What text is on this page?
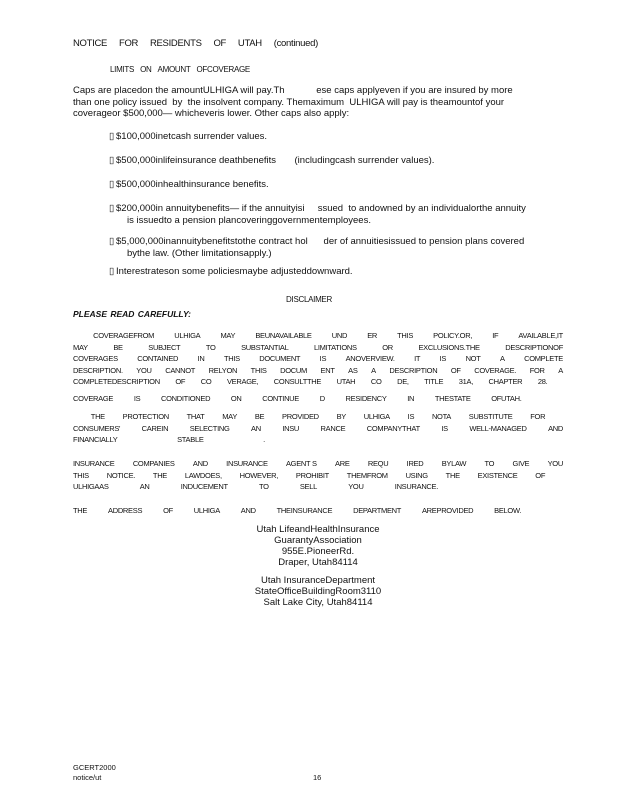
NOTICE FOR RESIDENTS OF UTAH (continued)
LIMITS ON AMOUNT OFCOVERAGE
Caps are placedon the amountULHIGA will pay.Th            ese caps applyeven if you are insured by more
than one policy issued  by  the insolvent company. Themaximum  ULHIGA will pay is theamountof your
coverageor $500,000— whicheveris lower. Other caps also apply:
▯ $100,000inetcash surrender values.
▯ $500,000inlifeinsurance deathbenefits       (includingcash surrender values).
▯ $500,000inhealthinsurance benefits.
▯ $200,000in annuitybenefits— if the annuityisi     ssued  to andowned by an individualorthe annuity
is issuedto a pension plancoveringgovernmentemployees.
▯ $5,000,000inannuitybenefitstothe contract hol      der of annuitiesissued to pension plans covered
bythe law. (Other limitationsapply.)
▯ Interestrateson some policiesmaybe adjusteddownward.
DISCLAIMER
PLEASE READ CAREFULLY:
COVERAGEFROM	ULHIGA	MAY	BEUNAVAILABLE	UND	ER	THIS	POLICY.OR,	IF	AVAILABLE,IT
MAY	BE	SUBJECT	TO	SUBSTANTIAL	LIMITATIONS	OR	EXCLUSIONS.THE	DESCRIPTIONOF
COVERAGES	CONTAINED	IN	THIS	DOCUMENT	IS	ANOVERVIEW.	IT	IS	NOT	A	COMPLETE
DESCRIPTION. YOU CANNOT RELYON THIS DOCUM ENT AS A DESCRIPTION OF COVERAGE. FOR A
COMPLETEDESCRIPTION OF CO VERAGE, CONSULTTHE UTAH CO DE, TITLE 31A, CHAPTER 28.
COVERAGE	IS	CONDITIONED	ON	CONTINUE	D	RESIDENCY	IN	THESTATE	OFUTAH.
THE PROTECTION THAT MAY BE PROVIDED BY ULHIGA IS NOTA SUBSTITUTE FOR
CONSUMERS'	CAREIN	SELECTING	AN	INSU	RANCE	COMPANYTHAT	IS	WELL-MANAGED	AND
FINANCIALLY	STABLE	.
INSURANCE COMPANIES AND INSURANCE AGENT S ARE REQU IRED BYLAW TO GIVE YOU
THIS NOTICE. THE LAWDOES, HOWEVER, PROHIBIT THEMFROM USING THE EXISTENCE OF
ULHIGAAS	AN	INDUCEMENT	TO	SELL	YOU	INSURANCE.
THE	ADDRESS	OF	ULHIGA	AND	THEINSURANCE	DEPARTMENT	AREPROVIDED	BELOW.
Utah LifeandHealthInsurance
GuarantyAssociation
955E.PioneerRd.
Draper, Utah84114
Utah InsuranceDepartment
StateOfficeBuildingRoom3110
Salt Lake City, Utah84114
GCERT2000
notice/ut	16
